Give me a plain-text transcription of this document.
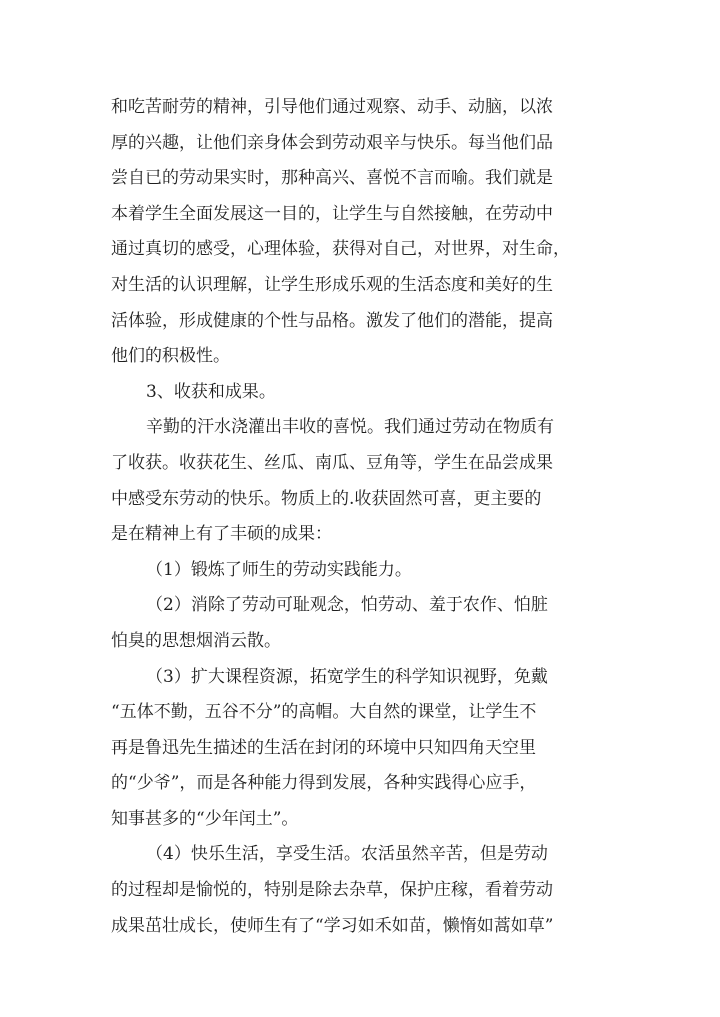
和吃苦耐劳的精神，引导他们通过观察、动手、动脑，以浓
厚的兴趣，让他们亲身体会到劳动艰辛与快乐。每当他们品
尝自已的劳动果实时，那种高兴、喜悦不言而喻。我们就是
本着学生全面发展这一目的，让学生与自然接触，在劳动中
通过真切的感受，心理体验，获得对自己，对世界，对生命，
对生活的认识理解，让学生形成乐观的生活态度和美好的生
活体验，形成健康的个性与品格。激发了他们的潜能，提高
他们的积极性。
3、收获和成果。
辛勤的汗水浇灌出丰收的喜悦。我们通过劳动在物质有
了收获。收获花生、丝瓜、南瓜、豆角等，学生在品尝成果
中感受东劳动的快乐。物质上的.收获固然可喜，更主要的
是在精神上有了丰硕的成果：
（1）锻炼了师生的劳动实践能力。
（2）消除了劳动可耻观念，怕劳动、羞于农作、怕脏
怕臭的思想烟消云散。
（3）扩大课程资源，拓宽学生的科学知识视野，免戴
“五体不勤，五谷不分”的高帽。大自然的课堂，让学生不
再是鲁迅先生描述的生活在封闭的环境中只知四角天空里
的“少爷”，而是各种能力得到发展，各种实践得心应手，
知事甚多的“少年闰土”。
（4）快乐生活，享受生活。农活虽然辛苦，但是劳动
的过程却是愉悦的，特别是除去杂草，保护庄稼，看着劳动
成果茁壮成长，使师生有了“学习如禾如苗，懒惰如蒿如草”
